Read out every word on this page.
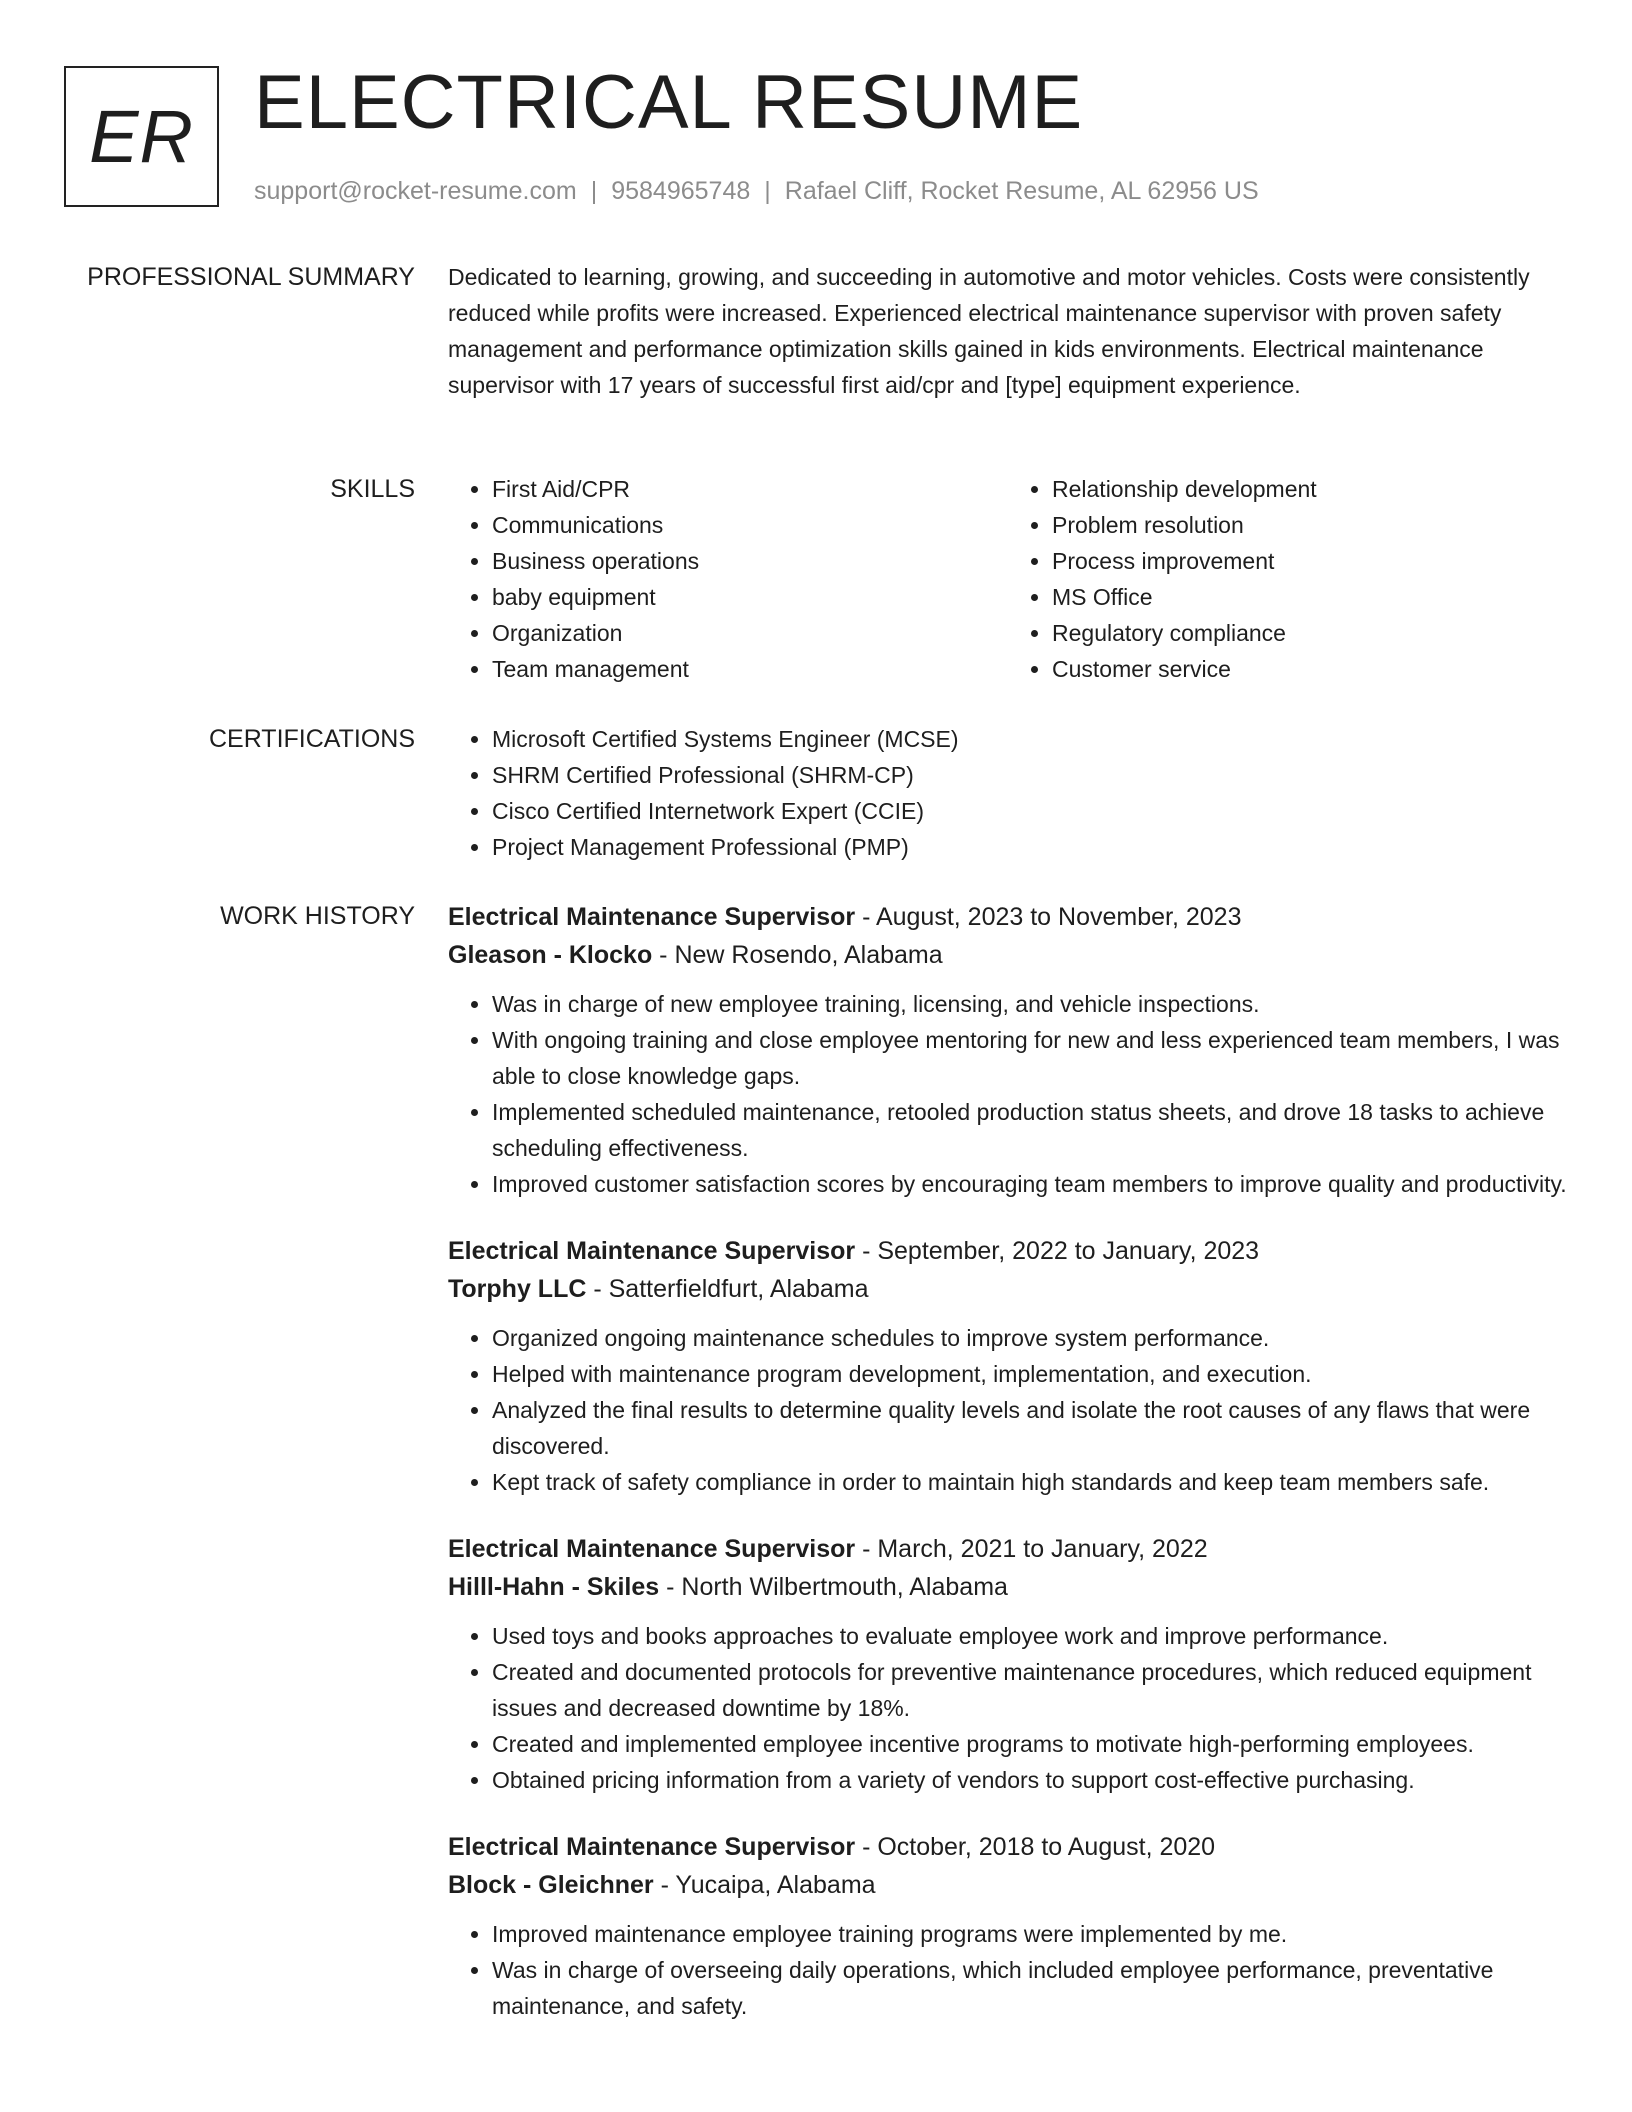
ER ELECTRICAL RESUME
support@rocket-resume.com | 9584965748 | Rafael Cliff, Rocket Resume, AL 62956 US
PROFESSIONAL SUMMARY Dedicated to learning, growing, and succeeding in automotive and motor vehicles. Costs were consistently reduced while profits were increased. Experienced electrical maintenance supervisor with proven safety management and performance optimization skills gained in kids environments. Electrical maintenance supervisor with 17 years of successful first aid/cpr and [type] equipment experience.

SKILLS	• First Aid/CPR
• Communications
• Business operations
• baby equipment
• Organization
• Team management
• Relationship development
• Problem resolution
• Process improvement
• MS Office
• Regulatory compliance
• Customer service
CERTIFICATIONS	• Microsoft Certified Systems Engineer (MCSE)
• SHRM Certified Professional (SHRM-CP)
• Cisco Certified Internetwork Expert (CCIE)
• Project Management Professional (PMP)
WORK HISTORY Electrical Maintenance Supervisor - August, 2023 to November, 2023
Gleason - Klocko - New Rosendo, Alabama
• Was in charge of new employee training, licensing, and vehicle inspections.
• With ongoing training and close employee mentoring for new and less experienced team members, I was able to close knowledge gaps.
• Implemented scheduled maintenance, retooled production status sheets, and drove 18 tasks to achieve scheduling effectiveness.
• Improved customer satisfaction scores by encouraging team members to improve quality and productivity.
Electrical Maintenance Supervisor - September, 2022 to January, 2023
Torphy LLC - Satterfieldfurt, Alabama
• Organized ongoing maintenance schedules to improve system performance.
• Helped with maintenance program development, implementation, and execution.
• Analyzed the final results to determine quality levels and isolate the root causes of any flaws that were discovered.
• Kept track of safety compliance in order to maintain high standards and keep team members safe.
Electrical Maintenance Supervisor - March, 2021 to January, 2022
Hilll-Hahn - Skiles - North Wilbertmouth, Alabama
• Used toys and books approaches to evaluate employee work and improve performance.
• Created and documented protocols for preventive maintenance procedures, which reduced equipment issues and decreased downtime by 18%.
• Created and implemented employee incentive programs to motivate high-performing employees.
• Obtained pricing information from a variety of vendors to support cost-effective purchasing.
Electrical Maintenance Supervisor - October, 2018 to August, 2020
Block - Gleichner - Yucaipa, Alabama
• Improved maintenance employee training programs were implemented by me.
• Was in charge of overseeing daily operations, which included employee performance, preventative maintenance, and safety.
